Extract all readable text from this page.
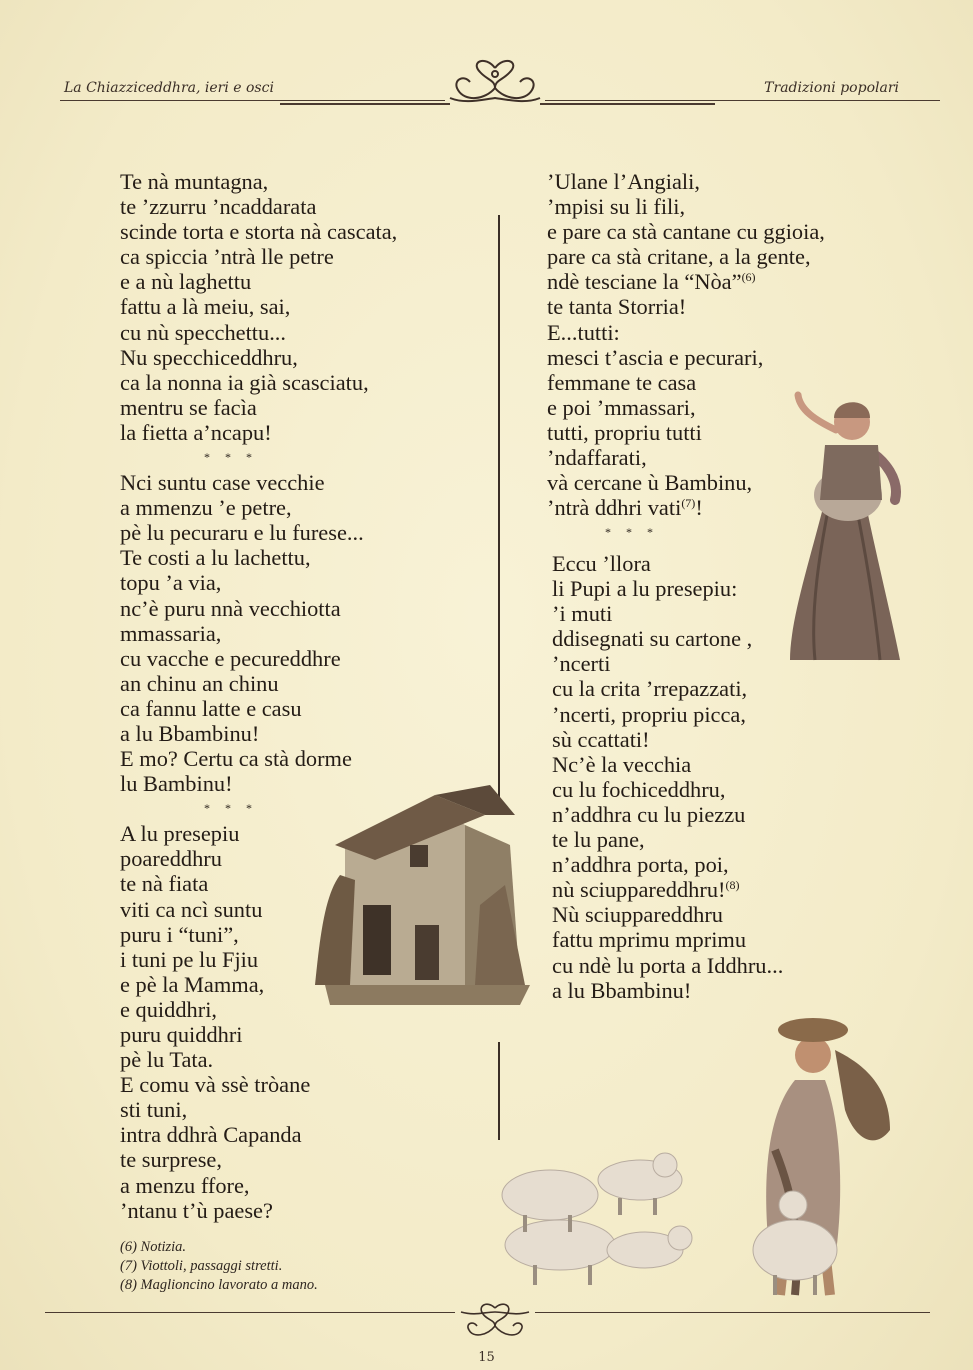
La Chiazziceddhra, ieri e osci	Tradizioni popolari
Te nà muntagna,
te ’zzurru ’ncaddarata
scinde torta e storta nà cascata,
ca spiccia ’ntrà lle petre
e a nù laghettu
fattu a là meiu, sai,
cu nù specchettu...
Nu specchiceddhru,
ca la nonna ia già scasciatu,
mentru se facìa
la fietta a’ncapu!
* * *
Nci suntu case vecchie
a mmenzu ’e petre,
pè lu pecuraru e lu furese...
Te costi a lu lachettu,
topu ’a via,
nc’è puru nnà vecchiotta
mmassaria,
cu vacche e pecureddhre
an chinu an chinu
ca fannu latte e casu
a lu Bbambinu!
E mo? Certu ca stà dorme
lu Bambinu!
* * *
A lu presepiu
poareddhru
te nà fiata
viti ca ncì suntu
puru i “tuni”,
i tuni pe lu Fjiu
e pè la Mamma,
e quiddhri,
puru quiddhri
pè lu Tata.
E comu và ssè tròane
sti tuni,
intra ddhrà Capanda
te surprese,
a menzu ffore,
’ntanu t’ù paese?
’Ulane l’Angiali,
’mpisi su li fili,
e pare ca stà cantane cu ggioia,
pare ca stà critane, a la gente,
ndè tesciane la “Nòa”$^{(6)}$
te tanta Storria!
E...tutti:
mesci t’ascia e pecurari,
femmane te casa
e poi ’mmassari,
tutti, propriu tutti
’ndaffarati,
và cercane ù Bambinu,
’ntrà ddhri vati$^{(7)}$!
* * *
Eccu ’llora
li Pupi a lu presepiu:
’i muti
ddisegnati su cartone ,
’ncerti
cu la crita ’rrepazzati,
’ncerti, propriu picca,
sù ccattati!
Nc’è la vecchia
cu lu fochiceddhru,
n’addhra cu lu piezzu
te lu pane,
n’addhra porta, poi,
nù sciuppareddhru!$^{(8)}$
Nù sciuppareddhru
fattu mprimu mprimu
cu ndè lu porta a Iddhru...
a lu Bbambinu!
(6) Notizia.
(7) Viottoli, passaggi stretti.
(8) Maglioncino lavorato a mano.
15
